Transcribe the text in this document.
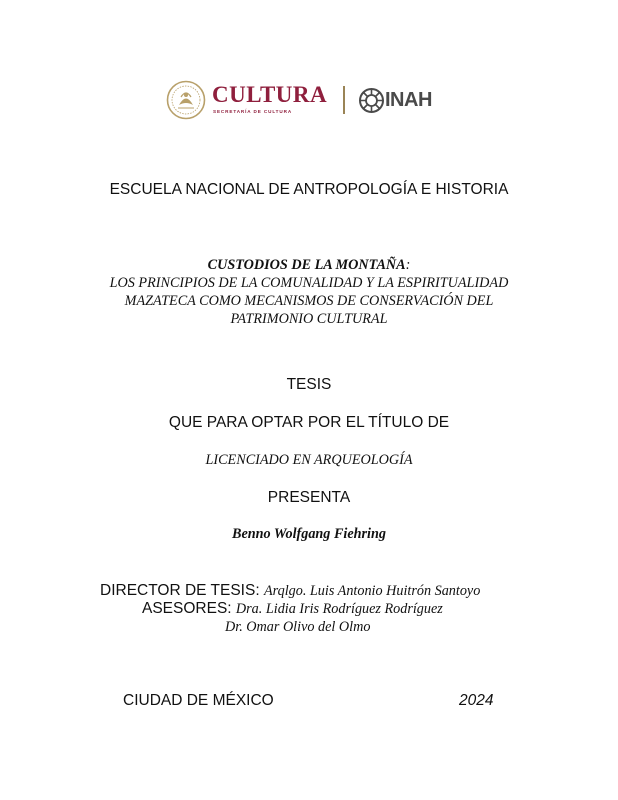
CULTURA
SECRETARÍA DE CULTURA
INAH
ESCUELA NACIONAL DE ANTROPOLOGÍA E HISTORIA
CUSTODIOS DE LA MONTAÑA:
LOS PRINCIPIOS DE LA COMUNALIDAD Y LA ESPIRITUALIDAD
MAZATECA COMO MECANISMOS DE CONSERVACIÓN DEL
PATRIMONIO CULTURAL
TESIS
QUE PARA OPTAR POR EL TÍTULO DE
LICENCIADO EN ARQUEOLOGÍA
PRESENTA
Benno Wolfgang Fiehring
DIRECTOR DE TESIS: Arqlgo. Luis Antonio Huitrón Santoyo
ASESORES: Dra. Lidia Iris Rodríguez Rodríguez
Dr. Omar Olivo del Olmo
CIUDAD DE MÉXICO	2024
